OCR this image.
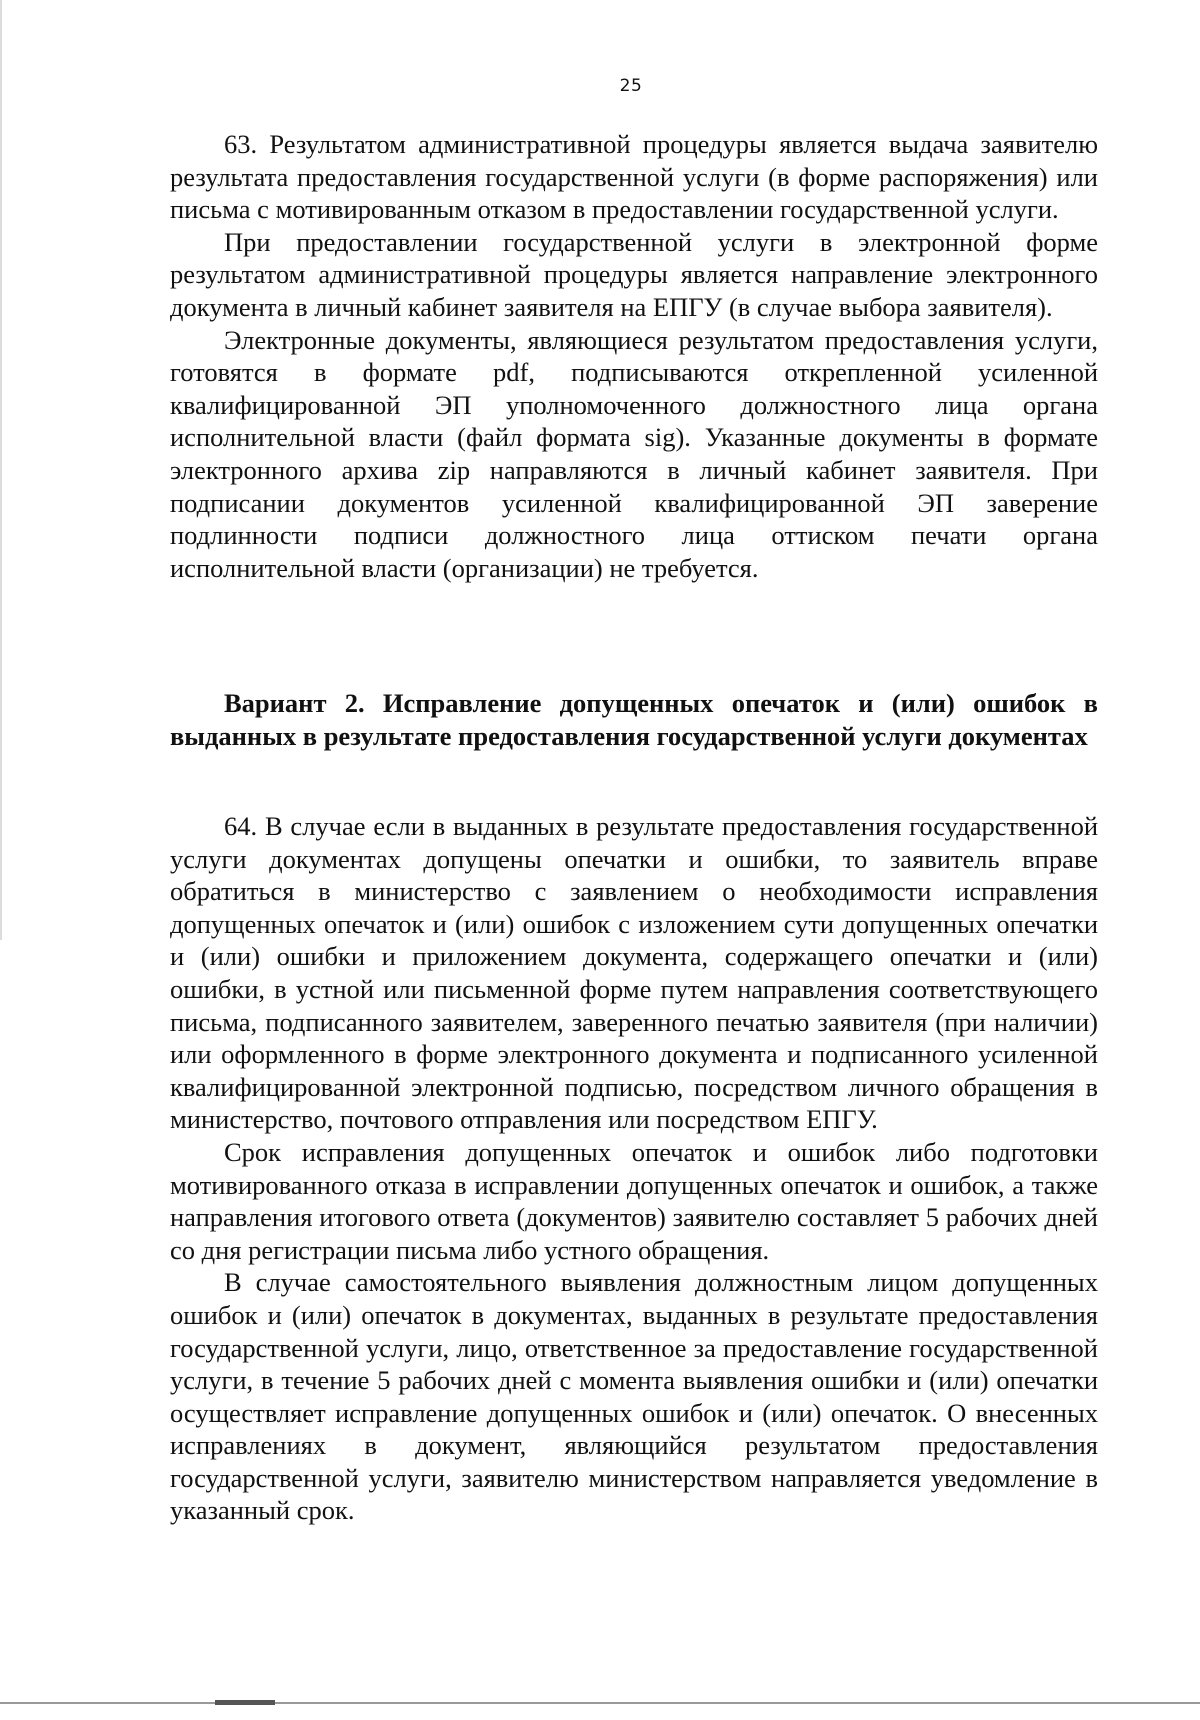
25

63. Результатом административной процедуры является выдача заявителю результата предоставления государственной услуги (в форме распоряжения) или письма с мотивированным отказом в предоставлении государственной услуги.

При предоставлении государственной услуги в электронной форме результатом административной процедуры является направление электронного документа в личный кабинет заявителя на ЕПГУ (в случае выбора заявителя).

Электронные документы, являющиеся результатом предоставления услуги, готовятся в формате pdf, подписываются открепленной усиленной квалифицированной ЭП уполномоченного должностного лица органа исполнительной власти (файл формата sig). Указанные документы в формате электронного архива zip направляются в личный кабинет заявителя. При подписании документов усиленной квалифицированной ЭП заверение подлинности подписи должностного лица оттиском печати органа исполнительной власти (организации) не требуется.

Вариант 2. Исправление допущенных опечаток и (или) ошибок в выданных в результате предоставления государственной услуги документах

64. В случае если в выданных в результате предоставления государственной услуги документах допущены опечатки и ошибки, то заявитель вправе обратиться в министерство с заявлением о необходимости исправления допущенных опечаток и (или) ошибок с изложением сути допущенных опечатки и (или) ошибки и приложением документа, содержащего опечатки и (или) ошибки, в устной или письменной форме путем направления соответствующего письма, подписанного заявителем, заверенного печатью заявителя (при наличии) или оформленного в форме электронного документа и подписанного усиленной квалифицированной электронной подписью, посредством личного обращения в министерство, почтового отправления или посредством ЕПГУ.

Срок исправления допущенных опечаток и ошибок либо подготовки мотивированного отказа в исправлении допущенных опечаток и ошибок, а также направления итогового ответа (документов) заявителю составляет 5 рабочих дней со дня регистрации письма либо устного обращения.

В случае самостоятельного выявления должностным лицом допущенных ошибок и (или) опечаток в документах, выданных в результате предоставления государственной услуги, лицо, ответственное за предоставление государственной услуги, в течение 5 рабочих дней с момента выявления ошибки и (или) опечатки осуществляет исправление допущенных ошибок и (или) опечаток. О внесенных исправлениях в документ, являющийся результатом предоставления государственной услуги, заявителю министерством направляется уведомление в указанный срок.
